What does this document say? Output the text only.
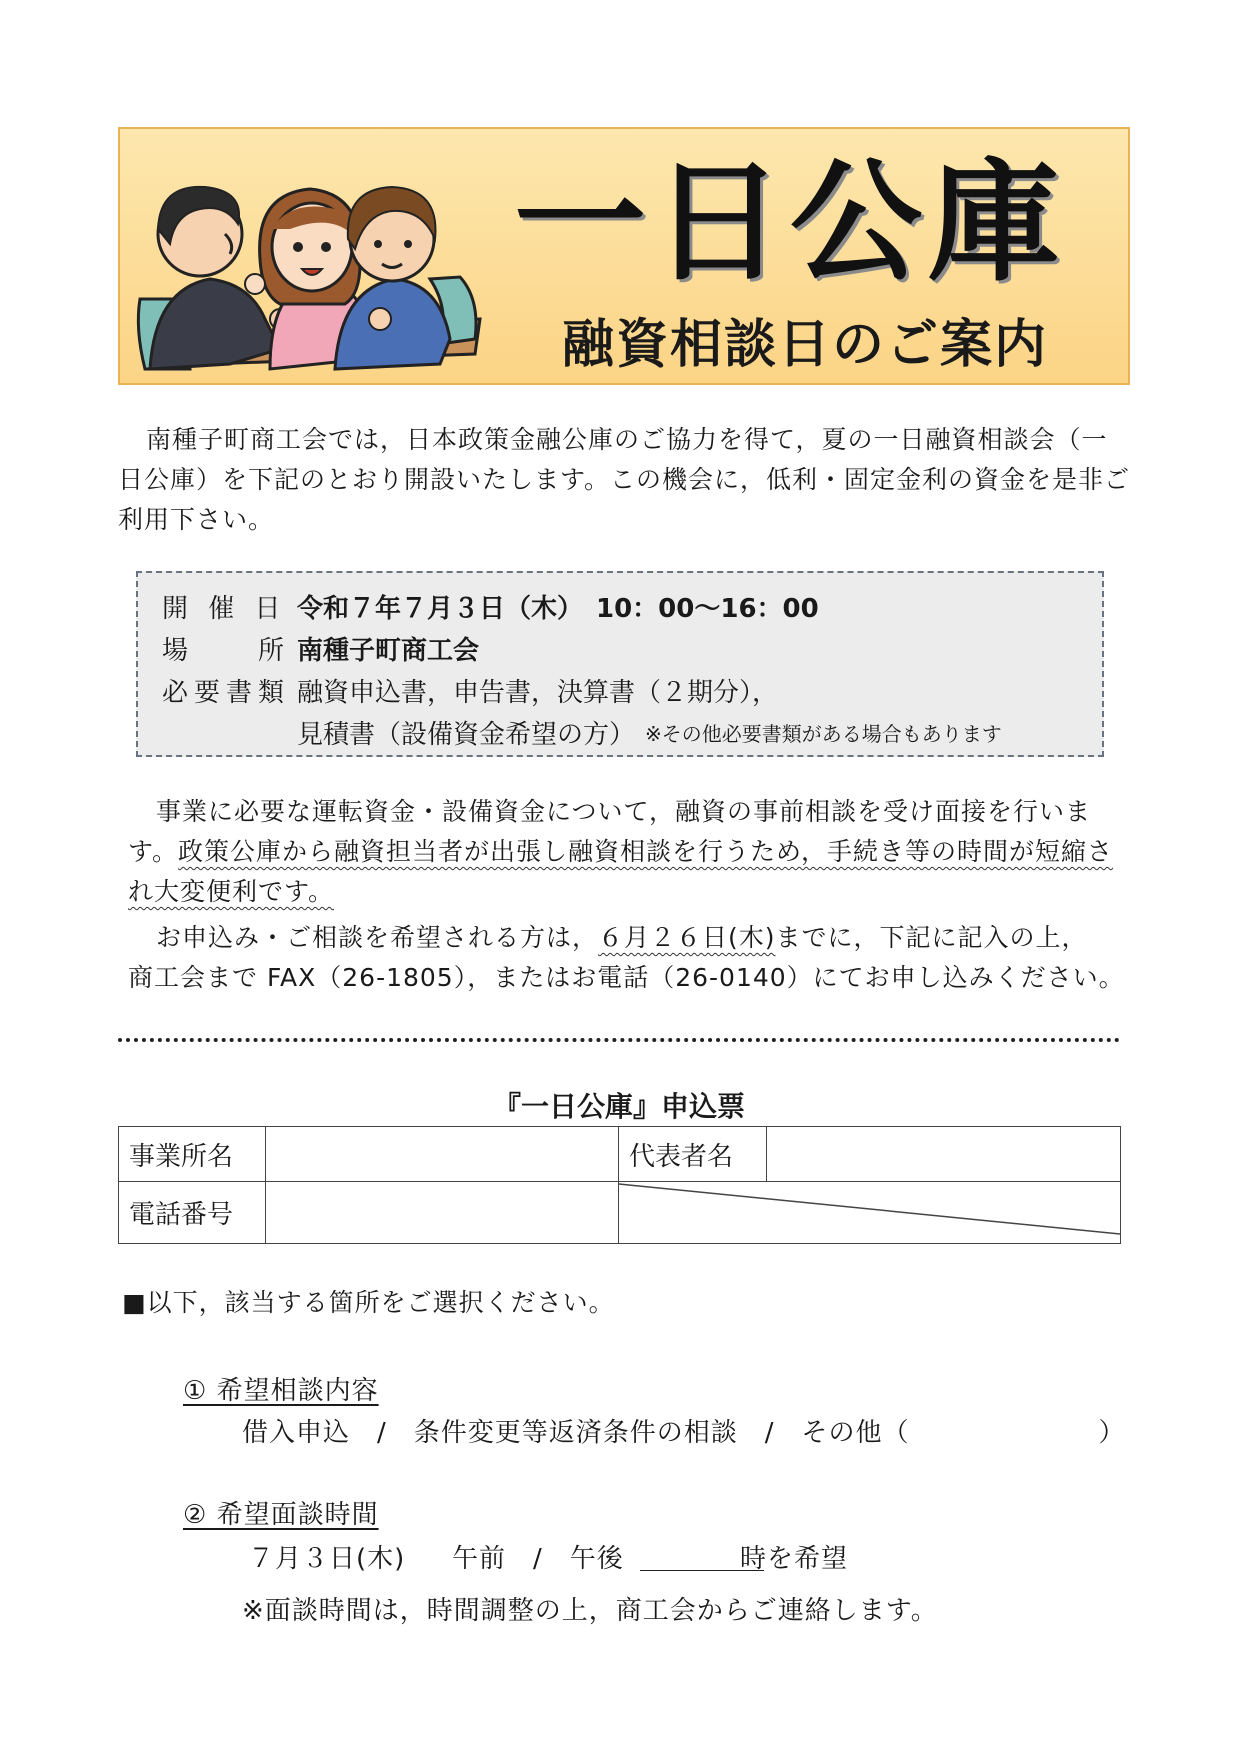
一日公庫
融資相談日のご案内
南種子町商工会では，日本政策金融公庫のご協力を得て，夏の一日融資相談会（一日公庫）を下記のとおり開設いたします。この機会に，低利・固定金利の資金を是非ご利用下さい。
開 催 日 令和７年７月３日（木）　10：00〜16：00
場　　所 南種子町商工会
必要書類 融資申込書，申告書，決算書（２期分），
見積書（設備資金希望の方） ※その他必要書類がある場合もあります
事業に必要な運転資金・設備資金について，融資の事前相談を受け面接を行います。政策公庫から融資担当者が出張し融資相談を行うため，手続き等の時間が短縮され大変便利です。
お申込み・ご相談を希望される方は，６月２６日(木)までに，下記に記入の上，
商工会まで FAX（26-1805），またはお電話（26-0140）にてお申し込みください。
『一日公庫』申込票
事業所名		代表者名	
電話番号		
■以下，該当する箇所をご選択ください。
① 希望相談内容
借入申込　/　条件変更等返済条件の相談　/　その他（　　　　　　　）
② 希望面談時間
７月３日(木) 午前　/　午後	時を希望
※面談時間は，時間調整の上，商工会からご連絡します。
